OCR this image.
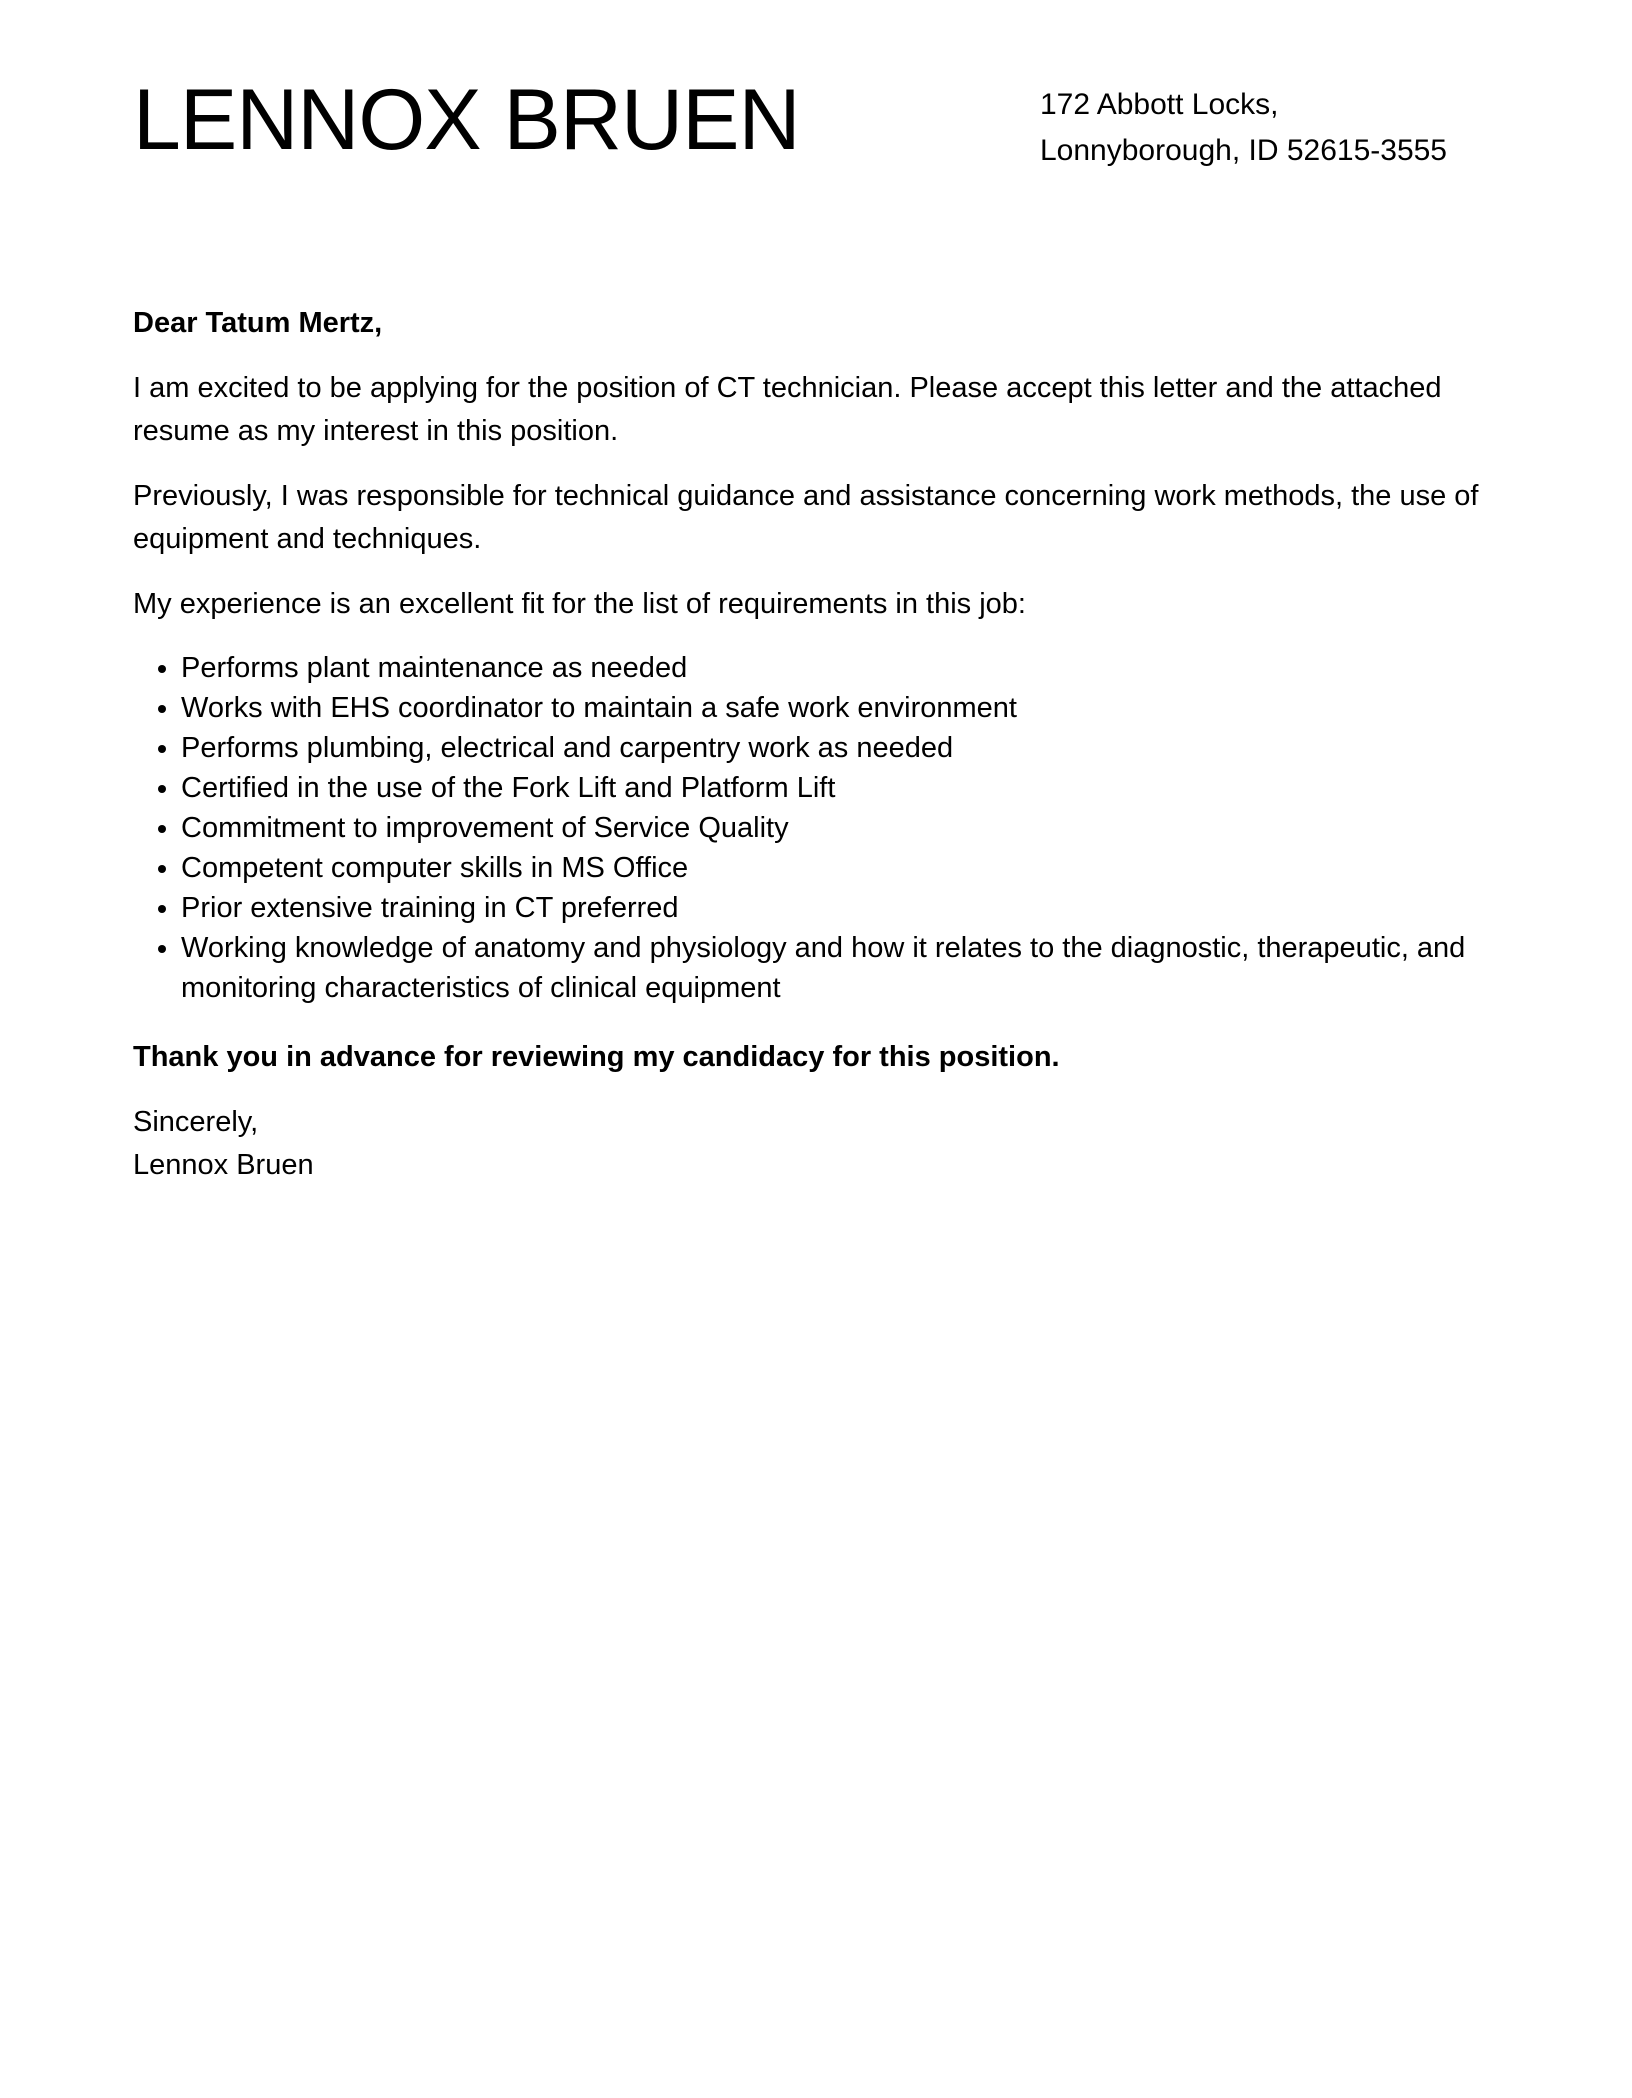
LENNOX BRUEN	172 Abbott Locks,
Lonnyborough, ID 52615-3555

Dear Tatum Mertz,

I am excited to be applying for the position of CT technician. Please accept this letter and the attached resume as my interest in this position.

Previously, I was responsible for technical guidance and assistance concerning work methods, the use of equipment and techniques.

My experience is an excellent fit for the list of requirements in this job:

• Performs plant maintenance as needed
• Works with EHS coordinator to maintain a safe work environment
• Performs plumbing, electrical and carpentry work as needed
• Certified in the use of the Fork Lift and Platform Lift
• Commitment to improvement of Service Quality
• Competent computer skills in MS Office
• Prior extensive training in CT preferred
• Working knowledge of anatomy and physiology and how it relates to the diagnostic, therapeutic, and monitoring characteristics of clinical equipment

Thank you in advance for reviewing my candidacy for this position.

Sincerely,
Lennox Bruen
